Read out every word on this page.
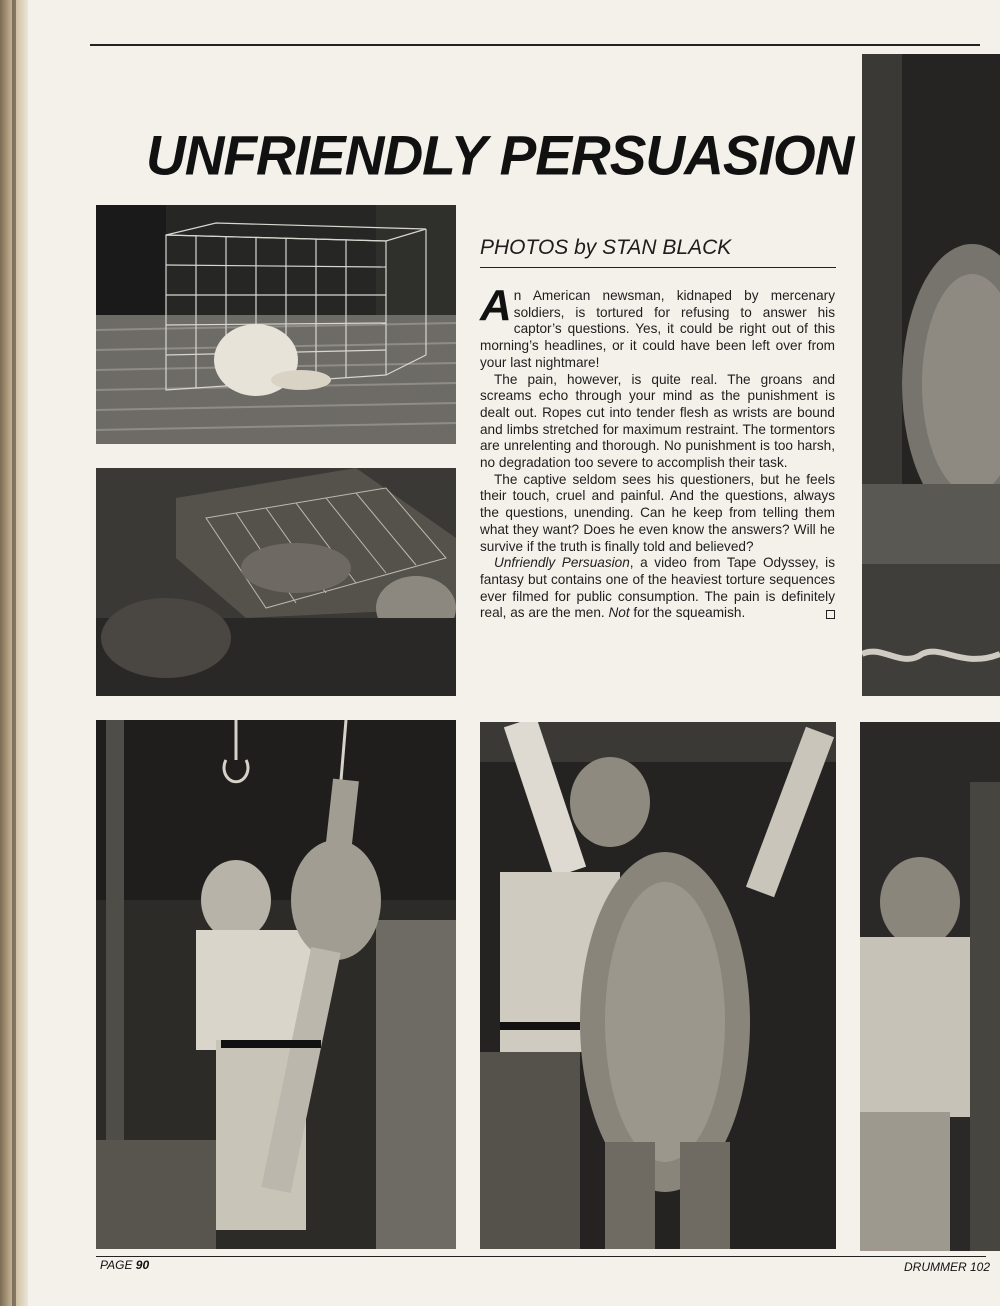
UNFRIENDLY PERSUASION
PHOTOS by STAN BLACK

An American newsman, kidnaped by mercenary soldiers, is tortured for refusing to answer his captor’s questions. Yes, it could be right out of this morning’s headlines, or it could have been left over from your last nightmare!

The pain, however, is quite real. The groans and screams echo through your mind as the punishment is dealt out. Ropes cut into tender flesh as wrists are bound and limbs stretched for maximum restraint. The tormentors are unrelenting and thorough. No punishment is too harsh, no degradation too severe to accomplish their task.

The captive seldom sees his questioners, but he feels their touch, cruel and painful. And the questions, always the questions, unending. Can he keep from telling them what they want? Does he even know the answers? Will he survive if the truth is finally told and believed?

Unfriendly Persuasion, a video from Tape Odyssey, is fantasy but contains one of the heaviest torture sequences ever filmed for public consumption. The pain is definitely real, as are the men. Not for the squeamish.

PAGE 90	DRUMMER 102
